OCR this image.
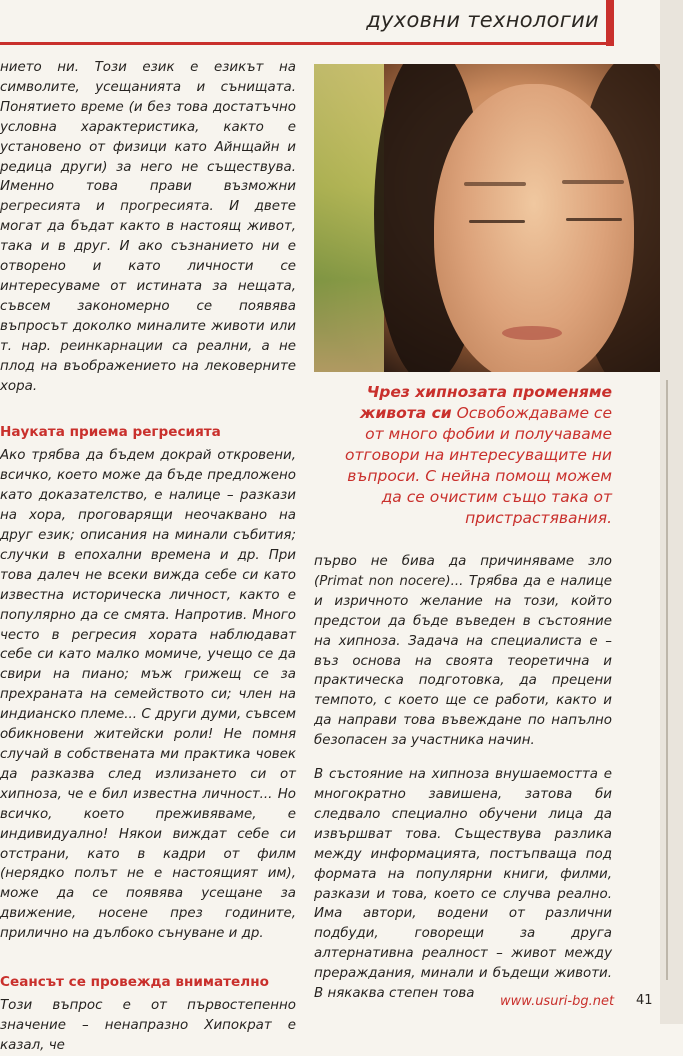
духовни технологии

нието ни. Този език е езикът на символите, усещанията и сънищата. Понятието време (и без това достатъчно условна характеристика, както е установено от физици като Айнщайн и редица други) за него не съществува. Именно това прави възможни регресията и прогресията. И двете могат да бъдат както в настоящ живот, така и в друг. И ако съзнанието ни е отворено и като личности се интересуваме от истината за нещата, съвсем закономерно се появява въпросът доколко миналите животи или т. нар. реинкарнации са реални, а не плод на въображението на лековерните хора.

Науката приема регресията

Ако трябва да бъдем докрай откровени, всичко, което може да бъде предложено като доказателство, е налице – разкази на хора, проговарящи неочаквано на друг език; описания на минали събития; случки в епохални времена и др. При това далеч не всеки вижда себе си като известна историческа личност, както е популярно да се смята. Напротив. Много често в регресия хората наблюдават себе си като малко момиче, учещо се да свири на пиано; мъж грижещ се за прехраната на семейството си; член на индианско племе... С други думи, съвсем обикновени житейски роли! Не помня случай в собствената ми практика човек да разказва след излизането си от хипноза, че е бил известна личност... Но всичко, което преживяваме, е индивидуално! Някои виждат себе си отстрани, като в кадри от филм (нерядко полът не е настоящият им), може да се появява усещане за движение, носене през годините, прилично на дълбоко сънуване и др.

Сеансът се провежда внимателно

Този въпрос е от първостепенно значение – ненапразно Хипократ е казал, че

Чрез хипнозата променяме живота си Освобождаваме се от много фобии и получаваме отговори на интересуващите ни въпроси. С нейна помощ можем да се очистим също така от пристрастявания.

първо не бива да причиняваме зло (Primat non nocere)... Трябва да е налице и изричното желание на този, който предстои да бъде въведен в състояние на хипноза. Задача на специалиста е – въз основа на своята теоретична и практическа подготовка, да прецени темпото, с което ще се работи, както и да направи това въвеждане по напълно безопасен за участника начин.

В състояние на хипноза внушаемостта е многократно завишена, затова би следвало специално обучени лица да извършват това. Съществува разлика между информацията, постъпваща под формата на популярни книги, филми, разкази и това, което се случва реално. Има автори, водени от различни подбуди, говорещи за друга алтернативна реалност – живот между прераждания, минали и бъдещи животи. В някаква степен това

www.usuri-bg.net 41
